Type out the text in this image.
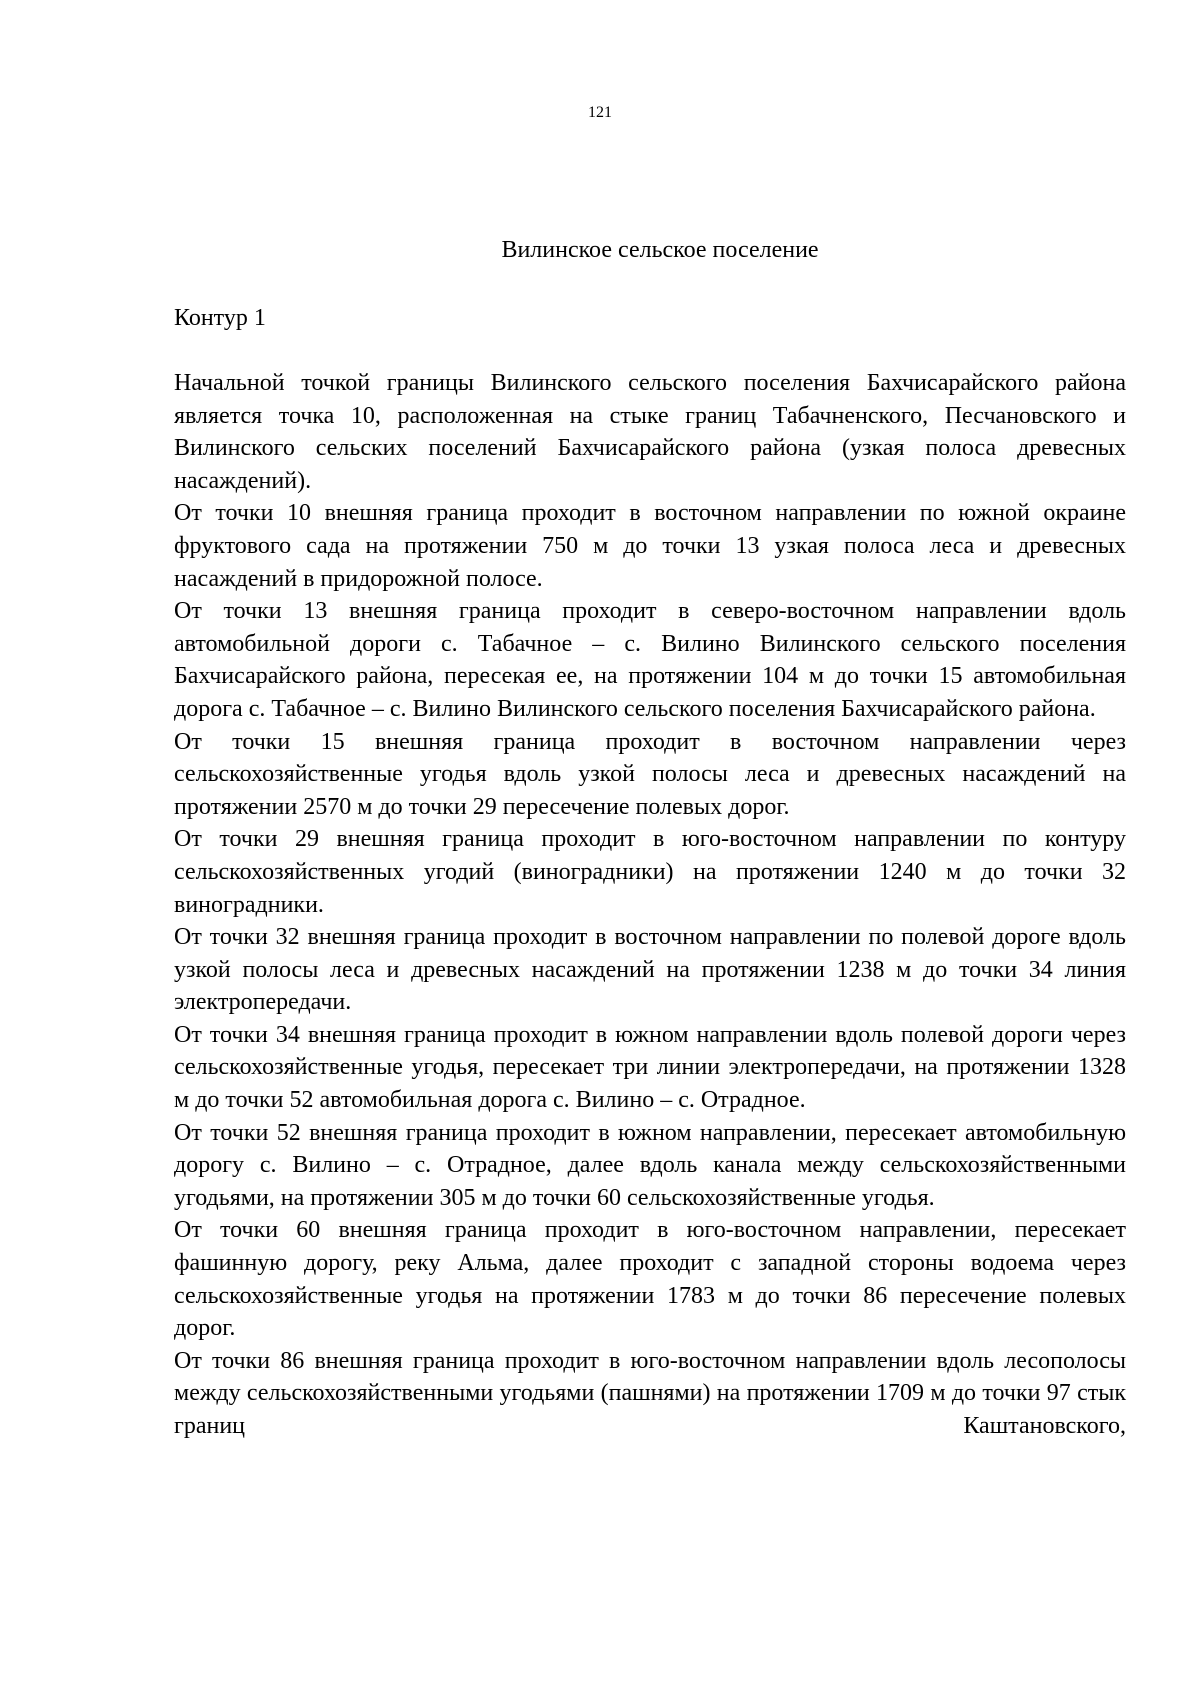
121
Вилинское сельское поселение
Контур 1

Начальной точкой границы Вилинского сельского поселения Бахчисарайского района является точка 10, расположенная на стыке границ Табачненского, Песчановского и Вилинского сельских поселений Бахчисарайского района (узкая полоса древесных насаждений).

От точки 10 внешняя граница проходит в восточном направлении по южной окраине фруктового сада на протяжении 750 м до точки 13 узкая полоса леса и древесных насаждений в придорожной полосе.

От точки 13 внешняя граница проходит в северо-восточном направлении вдоль автомобильной дороги с. Табачное – с. Вилино Вилинского сельского поселения Бахчисарайского района, пересекая ее, на протяжении 104 м до точки 15 автомобильная дорога с. Табачное – с. Вилино Вилинского сельского поселения Бахчисарайского района.

От точки 15 внешняя граница проходит в восточном направлении через сельскохозяйственные угодья вдоль узкой полосы леса и древесных насаждений на протяжении 2570 м до точки 29 пересечение полевых дорог.

От точки 29 внешняя граница проходит в юго-восточном направлении по контуру сельскохозяйственных угодий (виноградники) на протяжении 1240 м до точки 32 виноградники.

От точки 32 внешняя граница проходит в восточном направлении по полевой дороге вдоль узкой полосы леса и древесных насаждений на протяжении 1238 м до точки 34 линия электропередачи.

От точки 34 внешняя граница проходит в южном направлении вдоль полевой дороги через сельскохозяйственные угодья, пересекает три линии электропередачи, на протяжении 1328 м до точки 52 автомобильная дорога с. Вилино – с. Отрадное.

От точки 52 внешняя граница проходит в южном направлении, пересекает автомобильную дорогу с. Вилино – с. Отрадное, далее вдоль канала между сельскохозяйственными угодьями, на протяжении 305 м до точки 60 сельскохозяйственные угодья.

От точки 60 внешняя граница проходит в юго-восточном направлении, пересекает фашинную дорогу, реку Альма, далее проходит с западной стороны водоема через сельскохозяйственные угодья на протяжении 1783 м до точки 86 пересечение полевых дорог.

От точки 86 внешняя граница проходит в юго-восточном направлении вдоль лесополосы между сельскохозяйственными угодьями (пашнями) на протяжении 1709 м до точки 97 стык границ Каштановского,
